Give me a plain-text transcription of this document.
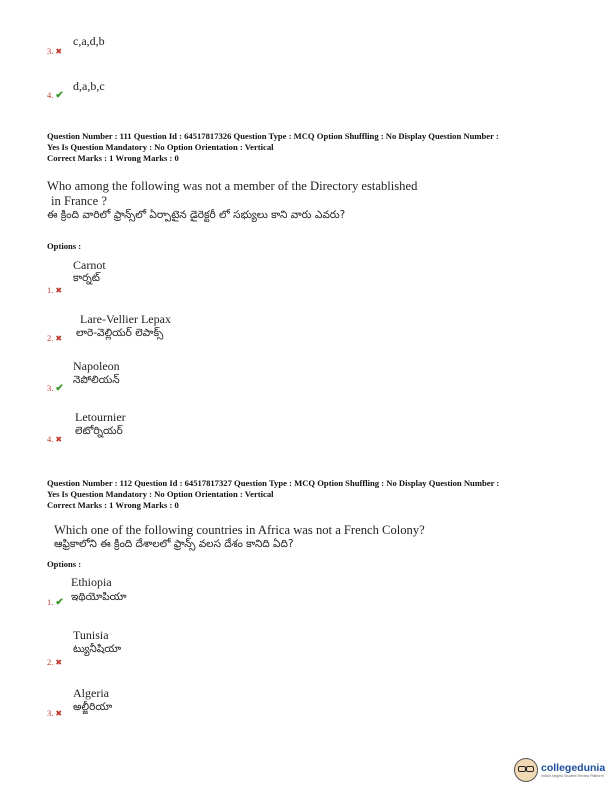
c,a,d,b
3. ✖
d,a,b,c
4. ✔
Question Number : 111 Question Id : 64517817326 Question Type : MCQ Option Shuffling : No Display Question Number :
Yes Is Question Mandatory : No Option Orientation : Vertical
Correct Marks : 1 Wrong Marks : 0
Who among the following was not a member of the Directory established
in France ?
ఈ క్రింది వారిలో ఫ్రాన్స్‌లో ఏర్పాటైన డైరెక్టరీ లో సభ్యులు కాని వారు ఎవరు?
Options :
Carnot
కార్నట్
1. ✖
Lare-Vellier Lepax
లారె-వెల్లియర్ లెపాక్స్
2. ✖
Napoleon
నెపోలియన్
3. ✔
Letournier
లెటోర్నియర్
4. ✖
Question Number : 112 Question Id : 64517817327 Question Type : MCQ Option Shuffling : No Display Question Number :
Yes Is Question Mandatory : No Option Orientation : Vertical
Correct Marks : 1 Wrong Marks : 0
Which one of the following countries in Africa was not a French Colony?
ఆఫ్రికాలోని ఈ క్రింది దేశాలలో ఫ్రాన్స్ వలస దేశం కానిది ఏది?
Options :
Ethiopia
ఇథియోపియా
1. ✔
Tunisia
ట్యునీషియా
2. ✖
Algeria
అల్జీరియా
3. ✖
collegedunia
India's largest Student Review Platform
